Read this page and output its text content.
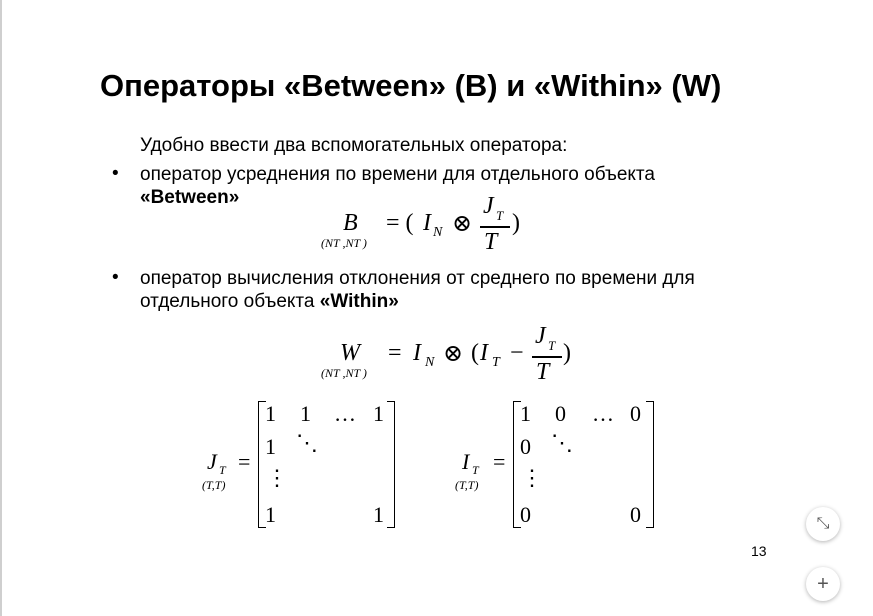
Операторы «Between» (B) и «Within» (W)
Удобно ввести два вспомогательных оператора:
• оператор усреднения по времени для отдельного объекта
«Between»
B
(NT ,NT )
= ( I N ⊗
J T
T
)
• оператор вычисления отклонения от среднего по времени для
отдельного объекта «Within»
W
(NT ,NT )
= I N ⊗ ( I T −
J T
T
)
J T
(T,T)
=
1 1 … 1
1 ⋱
⋮
1	1
I T
(T,T)
=
1 0 … 0
0 ⋱
⋮
0	0
13
⤡
+
